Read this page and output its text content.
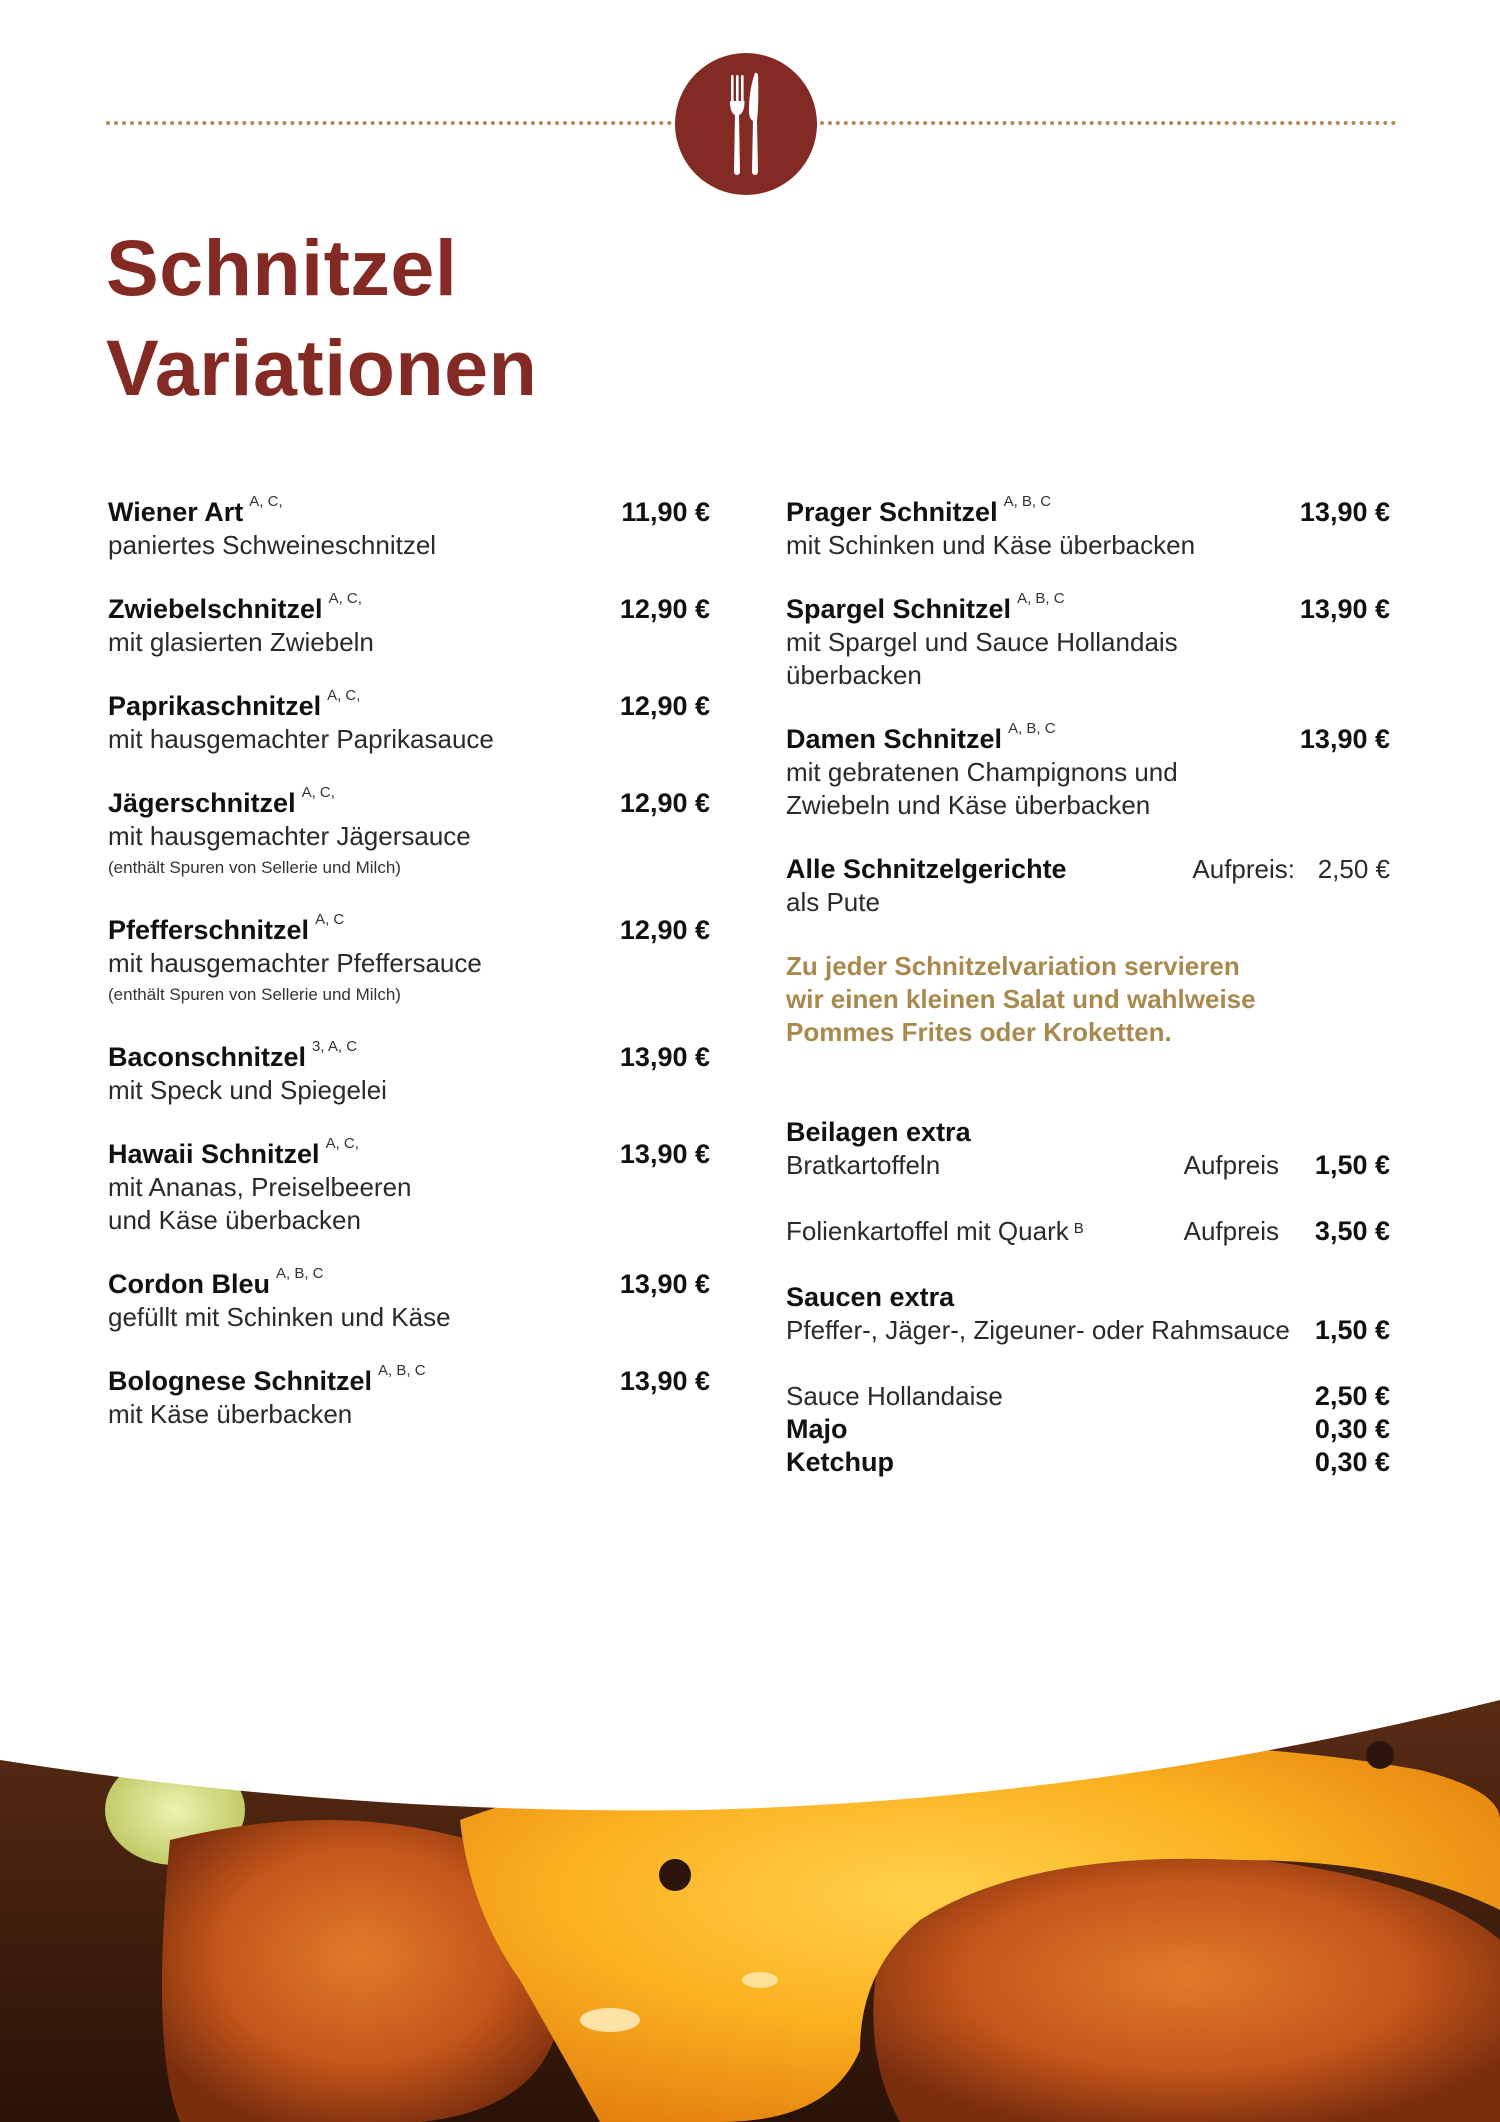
Schnitzel
Variationen
Wiener Art A, C,	11,90 €
paniertes Schweineschnitzel
Zwiebelschnitzel A, C,	12,90 €
mit glasierten Zwiebeln
Paprikaschnitzel A, C,	12,90 €
mit hausgemachter Paprikasauce
Jägerschnitzel A, C,	12,90 €
mit hausgemachter Jägersauce
(enthält Spuren von Sellerie und Milch)
Pfefferschnitzel A, C	12,90 €
mit hausgemachter Pfeffersauce
(enthält Spuren von Sellerie und Milch)
Baconschnitzel 3, A, C	13,90 €
mit Speck und Spiegelei
Hawaii Schnitzel A, C,	13,90 €
mit Ananas, Preiselbeeren
und Käse überbacken
Cordon Bleu A, B, C	13,90 €
gefüllt mit Schinken und Käse
Bolognese Schnitzel A, B, C	13,90 €
mit Käse überbacken
Prager Schnitzel A, B, C	13,90 €
mit Schinken und Käse überbacken
Spargel Schnitzel A, B, C	13,90 €
mit Spargel und Sauce Hollandais
überbacken
Damen Schnitzel A, B, C	13,90 €
mit gebratenen Champignons und
Zwiebeln und Käse überbacken
Alle Schnitzelgerichte	Aufpreis: 2,50 €
als Pute

Zu jeder Schnitzelvariation servieren wir einen kleinen Salat und wahlweise Pommes Frites oder Kroketten.

Beilagen extra
Bratkartoffeln	Aufpreis 1,50 €
Folienkartoffel mit Quark $^B$	Aufpreis 3,50 €
Saucen extra
Pfeffer-, Jäger-, Zigeuner- oder Rahmsauce 1,50 €
Sauce Hollandaise	2,50 €
Majo	0,30 €
Ketchup	0,30 €
